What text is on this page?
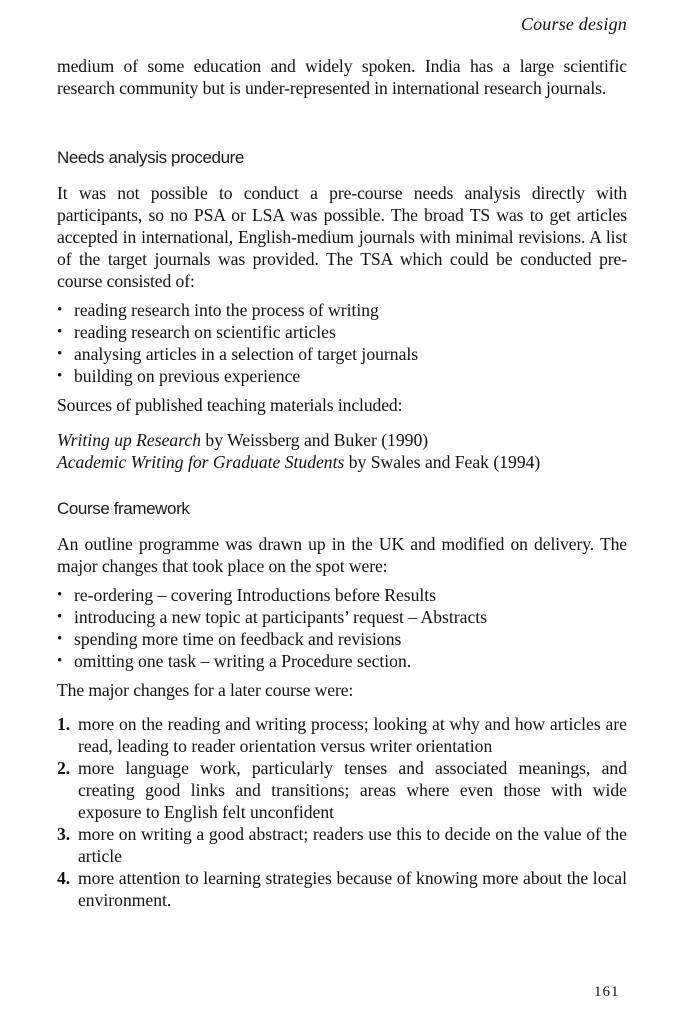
Course design

medium of some education and widely spoken. India has a large scientific research community but is under-represented in international research journals.

Needs analysis procedure

It was not possible to conduct a pre-course needs analysis directly with participants, so no PSA or LSA was possible. The broad TS was to get articles accepted in international, English-medium journals with minimal revisions. A list of the target journals was provided. The TSA which could be conducted pre-course consisted of:

• reading research into the process of writing
• reading research on scientific articles
• analysing articles in a selection of target journals
• building on previous experience

Sources of published teaching materials included:

Writing up Research by Weissberg and Buker (1990)

Academic Writing for Graduate Students by Swales and Feak (1994)

Course framework

An outline programme was drawn up in the UK and modified on delivery. The major changes that took place on the spot were:

• re-ordering – covering Introductions before Results
• introducing a new topic at participants’ request – Abstracts
• spending more time on feedback and revisions
• omitting one task – writing a Procedure section.

The major changes for a later course were:

1. more on the reading and writing process; looking at why and how articles are read, leading to reader orientation versus writer orientation
2. more language work, particularly tenses and associated meanings, and creating good links and transitions; areas where even those with wide exposure to English felt unconfident
3. more on writing a good abstract; readers use this to decide on the value of the article
4. more attention to learning strategies because of knowing more about the local environment.
161
